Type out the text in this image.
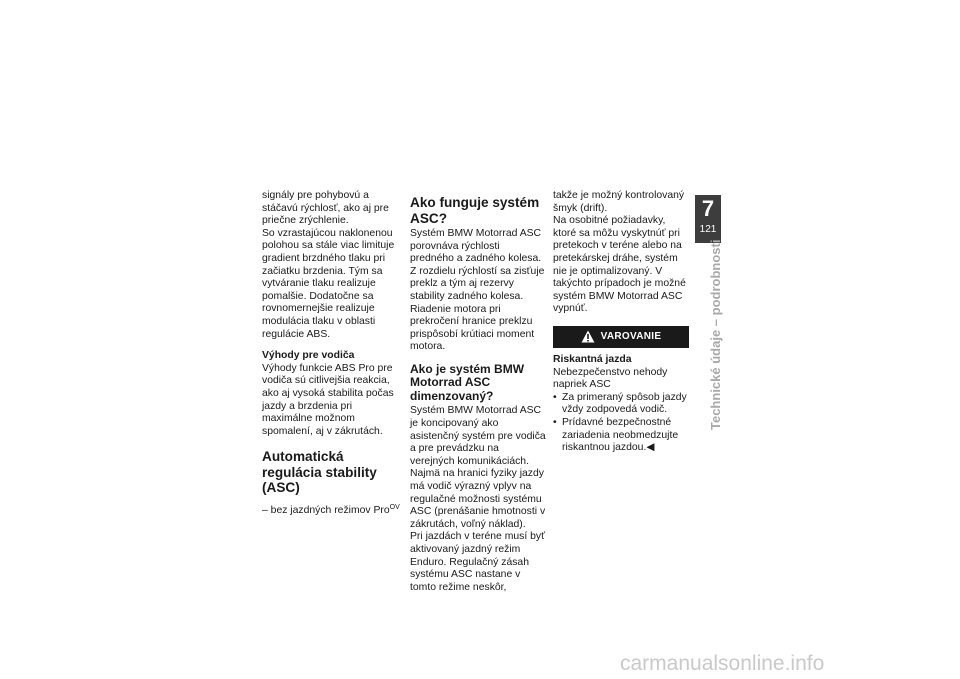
signály pre pohybovú a stáčavú rýchlosť, ako aj pre priečne zrýchlenie.

So vzrastajúcou naklonenou polohou sa stále viac limituje gradient brzdného tlaku pri začiatku brzdenia. Tým sa vytváranie tlaku realizuje pomalšie. Dodatočne sa rovnomernejšie realizuje modulácia tlaku v oblasti regulácie ABS.

Výhody pre vodiča

Výhody funkcie ABS Pro pre vodiča sú citlivejšia reakcia, ako aj vysoká stabilita počas jazdy a brzdenia pri maximálne možnom spomalení, aj v zákrutách.

Automatická regulácia stability (ASC)

– bez jazdných režimov Pro$^{OV}$

Ako funguje systém ASC?

Systém BMW Motorrad ASC porovnáva rýchlosti predného a zadného kolesa. Z rozdielu rýchlostí sa zisťuje preklz a tým aj rezervy stability zadného kolesa. Riadenie motora pri prekročení hranice preklzu prispôsobí krútiaci moment motora.

Ako je systém BMW Motorrad ASC dimenzovaný?

Systém BMW Motorrad ASC je koncipovaný ako asistenčný systém pre vodiča a pre prevádzku na verejných komunikáciách.

Najmä na hranici fyziky jazdy má vodič výrazný vplyv na regulačné možnosti systému ASC (prenášanie hmotnosti v zákrutách, voľný náklad).

Pri jazdách v teréne musí byť aktivovaný jazdný režim Enduro. Regulačný zásah systému ASC nastane v tomto režime neskôr,

takže je možný kontrolovaný šmyk (drift).

Na osobitné požiadavky, ktoré sa môžu vyskytnúť pri pretekoch v teréne alebo na pretekárskej dráhe, systém nie je optimalizovaný. V takýchto prípadoch je možné systém BMW Motorrad ASC vypnúť.

VAROVANIE
Riskantná jazda

Nebezpečenstvo nehody napriek ASC

• Za primeraný spôsob jazdy vždy zodpovedá vodič.
• Prídavné bezpečnostné zariadenia neobmedzujte riskantnou jazdou.◀
7
121
Technické údaje – podrobnosti
carmanualsonline.info
